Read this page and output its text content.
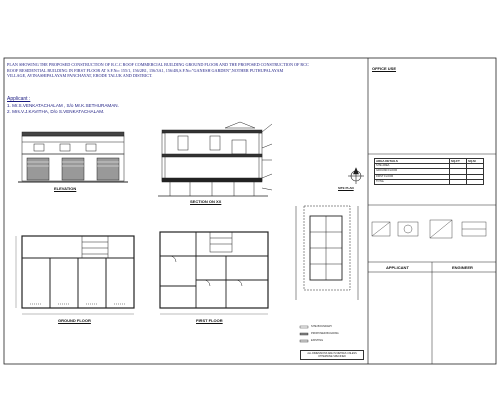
PLAN SHOWING THE PROPOSED CONSTRUCTION OF R.C.C ROOF COMMERCIAL BUILDING GROUND FLOOR AND THE PROPOSED CONSTRUCTION OF RCC
ROOF RESIDENTIAL BUILDING IN FIRST FLOOR AT S.F.No: 155/1, 156/2B1, 156/3A1, 156/4B,S.F.No:"GANESH GARDEN",NOTHER PUTHUPALAYAM
VILLAGE, AVINASHIPALAYAM PANCHAYAT, ERODE TALUK AND DISTRICT.
Applicant :
1. Mr.S.VENKATACHALAM , S/o Mr.K.SETHURAMAN.
2. Mrs.V.J.KAVITHA, D/o S.VENKATACHALAM.
ELEVATION
SECTION ON XX
GROUND FLOOR	FIRST FLOOR
SITE PLAN
OFFICE USE
AREA DETAILS	SQ.FT	SQ.M
SITE AREA		
GROUND FLOOR		
FIRST FLOOR		
TOTAL		
SITE BOUNDARY
PROPOSED BUILDING
EXISTING
ALL DIMENSIONS ARE IN METRES UNLESS OTHERWISE SPECIFIED
APPLICANT	ENGINEER
